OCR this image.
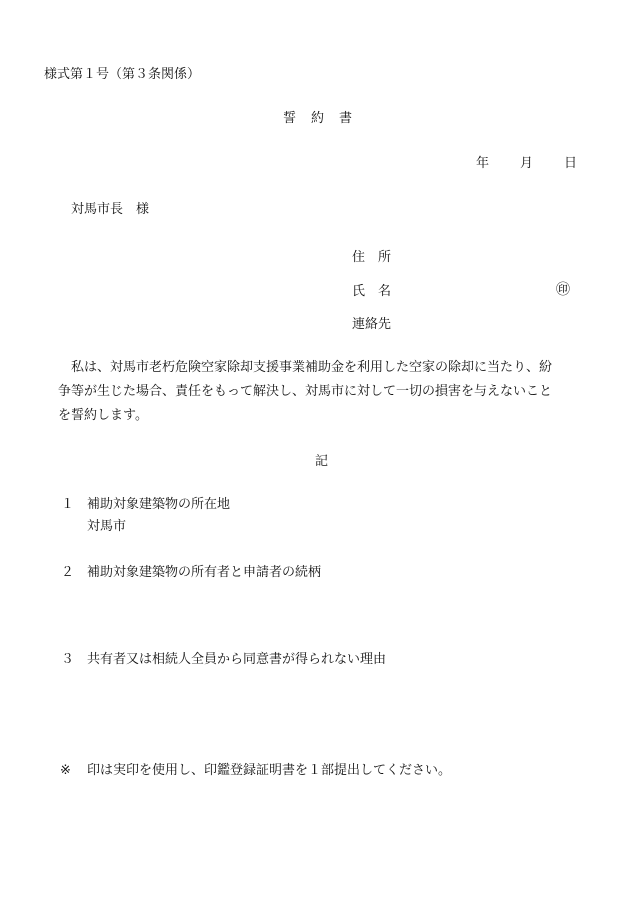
様式第１号（第３条関係）
誓　約　書
年 月 日
対馬市長　様
住　所
氏　名	㊞
連絡先
　私は、対馬市老朽危険空家除却支援事業補助金を利用した空家の除却に当たり、紛
争等が生じた場合、責任をもって解決し、対馬市に対して一切の損害を与えないこと
を誓約します。
記
１ 補助対象建築物の所在地
対馬市
２ 補助対象建築物の所有者と申請者の続柄
３ 共有者又は相続人全員から同意書が得られない理由
※ 印は実印を使用し、印鑑登録証明書を１部提出してください。
